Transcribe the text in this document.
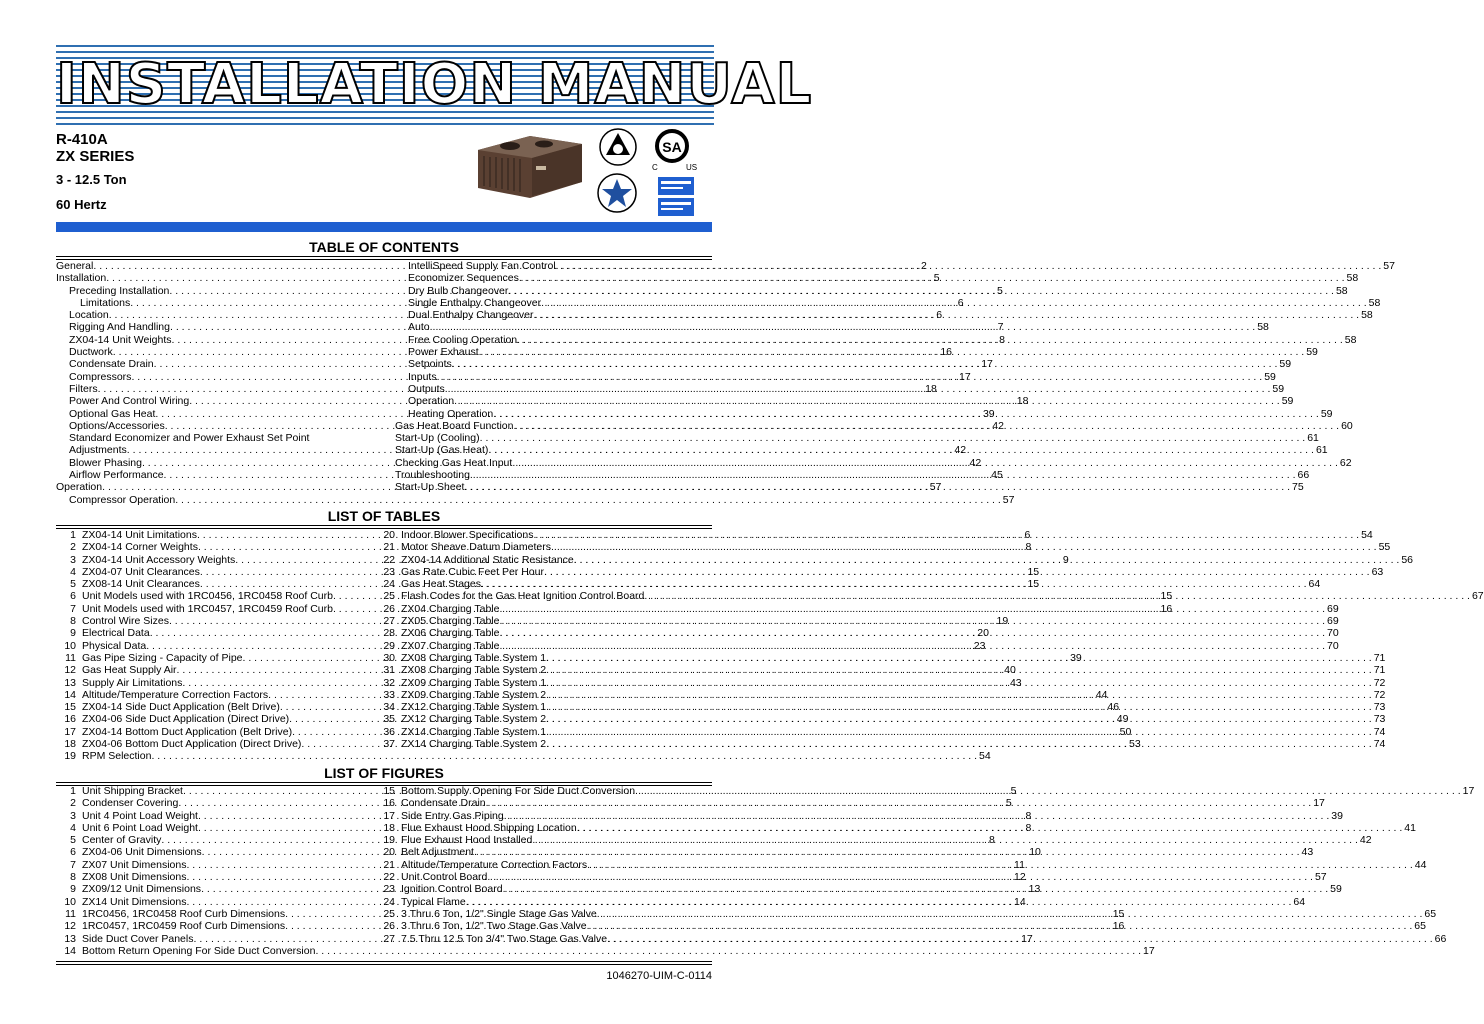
INSTALLATION MANUAL
R-410A
ZX SERIES
3 - 12.5 Ton
60 Hertz
SA
C	US
TABLE OF CONTENTS
General . . .	2
Installation . . .	5
Preceding Installation . . .	5
Limitations . . .	6
Location . . .	6
Rigging And Handling . . .	7
ZX04-14 Unit Weights . . .	8
Ductwork . . .	16
Condensate Drain . . .	17
Compressors . . .	17
Filters . . .	18
Power And Control Wiring . . .	18
Optional Gas Heat . . .	39
Options/Accessories . . .	42
Standard Economizer and Power Exhaust Set Point
Adjustments . . .	42
Blower Phasing . . .	42
Airflow Performance . . .	45
Operation . . .	57
Compressor Operation . . .	57
IntelliSpeed Supply Fan Control . . .	57
Economizer Sequences . . .	58
Dry Bulb Changeover . . .	58
Single Enthalpy Changeover . . .	58
Dual Enthalpy Changeover . . .	58
Auto . . .	58
Free Cooling Operation . . .	58
Power Exhaust . . .	59
Setpoints . . .	59
Inputs . . .	59
Outputs . . .	59
Operation . . .	59
Heating Operation . . .	59
Gas Heat Board Function . . .	60
Start-Up (Cooling) . . .	61
Start-Up (Gas Heat) . . .	61
Checking Gas Heat Input . . .	62
Troubleshooting . . .	66
Start-Up Sheet . . .	75
LIST OF TABLES
1 ZX04-14 Unit Limitations . . .	6
2 ZX04-14 Corner Weights . . .	8
3 ZX04-14 Unit Accessory Weights . . .	9
4 ZX04-07 Unit Clearances . . .	15
5 ZX08-14 Unit Clearances . . .	15
6 Unit Models used with 1RC0456, 1RC0458 Roof Curb . . .	15
7 Unit Models used with 1RC0457, 1RC0459 Roof Curb . . .	16
8 Control Wire Sizes . . .	19
9 Electrical Data . . .	20
10 Physical Data . . .	23
11 Gas Pipe Sizing - Capacity of Pipe . . .	39
12 Gas Heat Supply Air . . .	40
13 Supply Air Limitations . . .	43
14 Altitude/Temperature Correction Factors . . .	44
15 ZX04-14 Side Duct Application (Belt Drive) . . .	46
16 ZX04-06 Side Duct Application (Direct Drive) . . .	49
17 ZX04-14 Bottom Duct Application (Belt Drive) . . .	50
18 ZX04-06 Bottom Duct Application (Direct Drive) . . .	53
19 RPM Selection . . .	54
20 Indoor Blower Specifications . . .	54
21 Motor Sheave Datum Diameters . . .	55
22 ZX04-14 Additional Static Resistance . . .	56
23 Gas Rate Cubic Feet Per Hour . . .	63
24 Gas Heat Stages . . .	64
25 Flash Codes for the Gas Heat Ignition Control Board . . .	67
26 ZX04 Charging Table . . .	69
27 ZX05 Charging Table . . .	69
28 ZX06 Charging Table . . .	70
29 ZX07 Charging Table . . .	70
30 ZX08 Charging Table System 1 . . .	71
31 ZX08 Charging Table System 2 . . .	71
32 ZX09 Charging Table System 1 . . .	72
33 ZX09 Charging Table System 2 . . .	72
34 ZX12 Charging Table System 1 . . .	73
35 ZX12 Charging Table System 2 . . .	73
36 ZX14 Charging Table System 1 . . .	74
37 ZX14 Charging Table System 2 . . .	74
LIST OF FIGURES
1 Unit Shipping Bracket . . .	5
2 Condenser Covering . . .	5
3 Unit 4 Point Load Weight . . .	8
4 Unit 6 Point Load Weight . . .	8
5 Center of Gravity . . .	8
6 ZX04-06 Unit Dimensions . . .	10
7 ZX07 Unit Dimensions . . .	11
8 ZX08 Unit Dimensions . . .	12
9 ZX09/12 Unit Dimensions . . .	13
10 ZX14 Unit Dimensions . . .	14
11 1RC0456, 1RC0458 Roof Curb Dimensions . . .	15
12 1RC0457, 1RC0459 Roof Curb Dimensions . . .	16
13 Side Duct Cover Panels . . .	17
14 Bottom Return Opening For Side Duct Conversion . . .	17
15 Bottom Supply Opening For Side Duct Conversion . . .	17
16 Condensate Drain . . .	17
17 Side Entry Gas Piping . . .	39
18 Flue Exhaust Hood Shipping Location . . .	41
19 Flue Exhaust Hood Installed . . .	42
20 Belt Adjustment . . .	43
21 Altitude/Temperature Correction Factors . . .	44
22 Unit Control Board . . .	57
23 Ignition Control Board . . .	59
24 Typical Flame . . .	64
25 3 Thru 6 Ton, 1/2" Single Stage Gas Valve . . .	65
26 3 Thru 6 Ton, 1/2" Two Stage Gas Valve . . .	65
27 7.5 Thru 12.5 Ton 3/4" Two Stage Gas Valve . . .	66
1046270-UIM-C-0114
